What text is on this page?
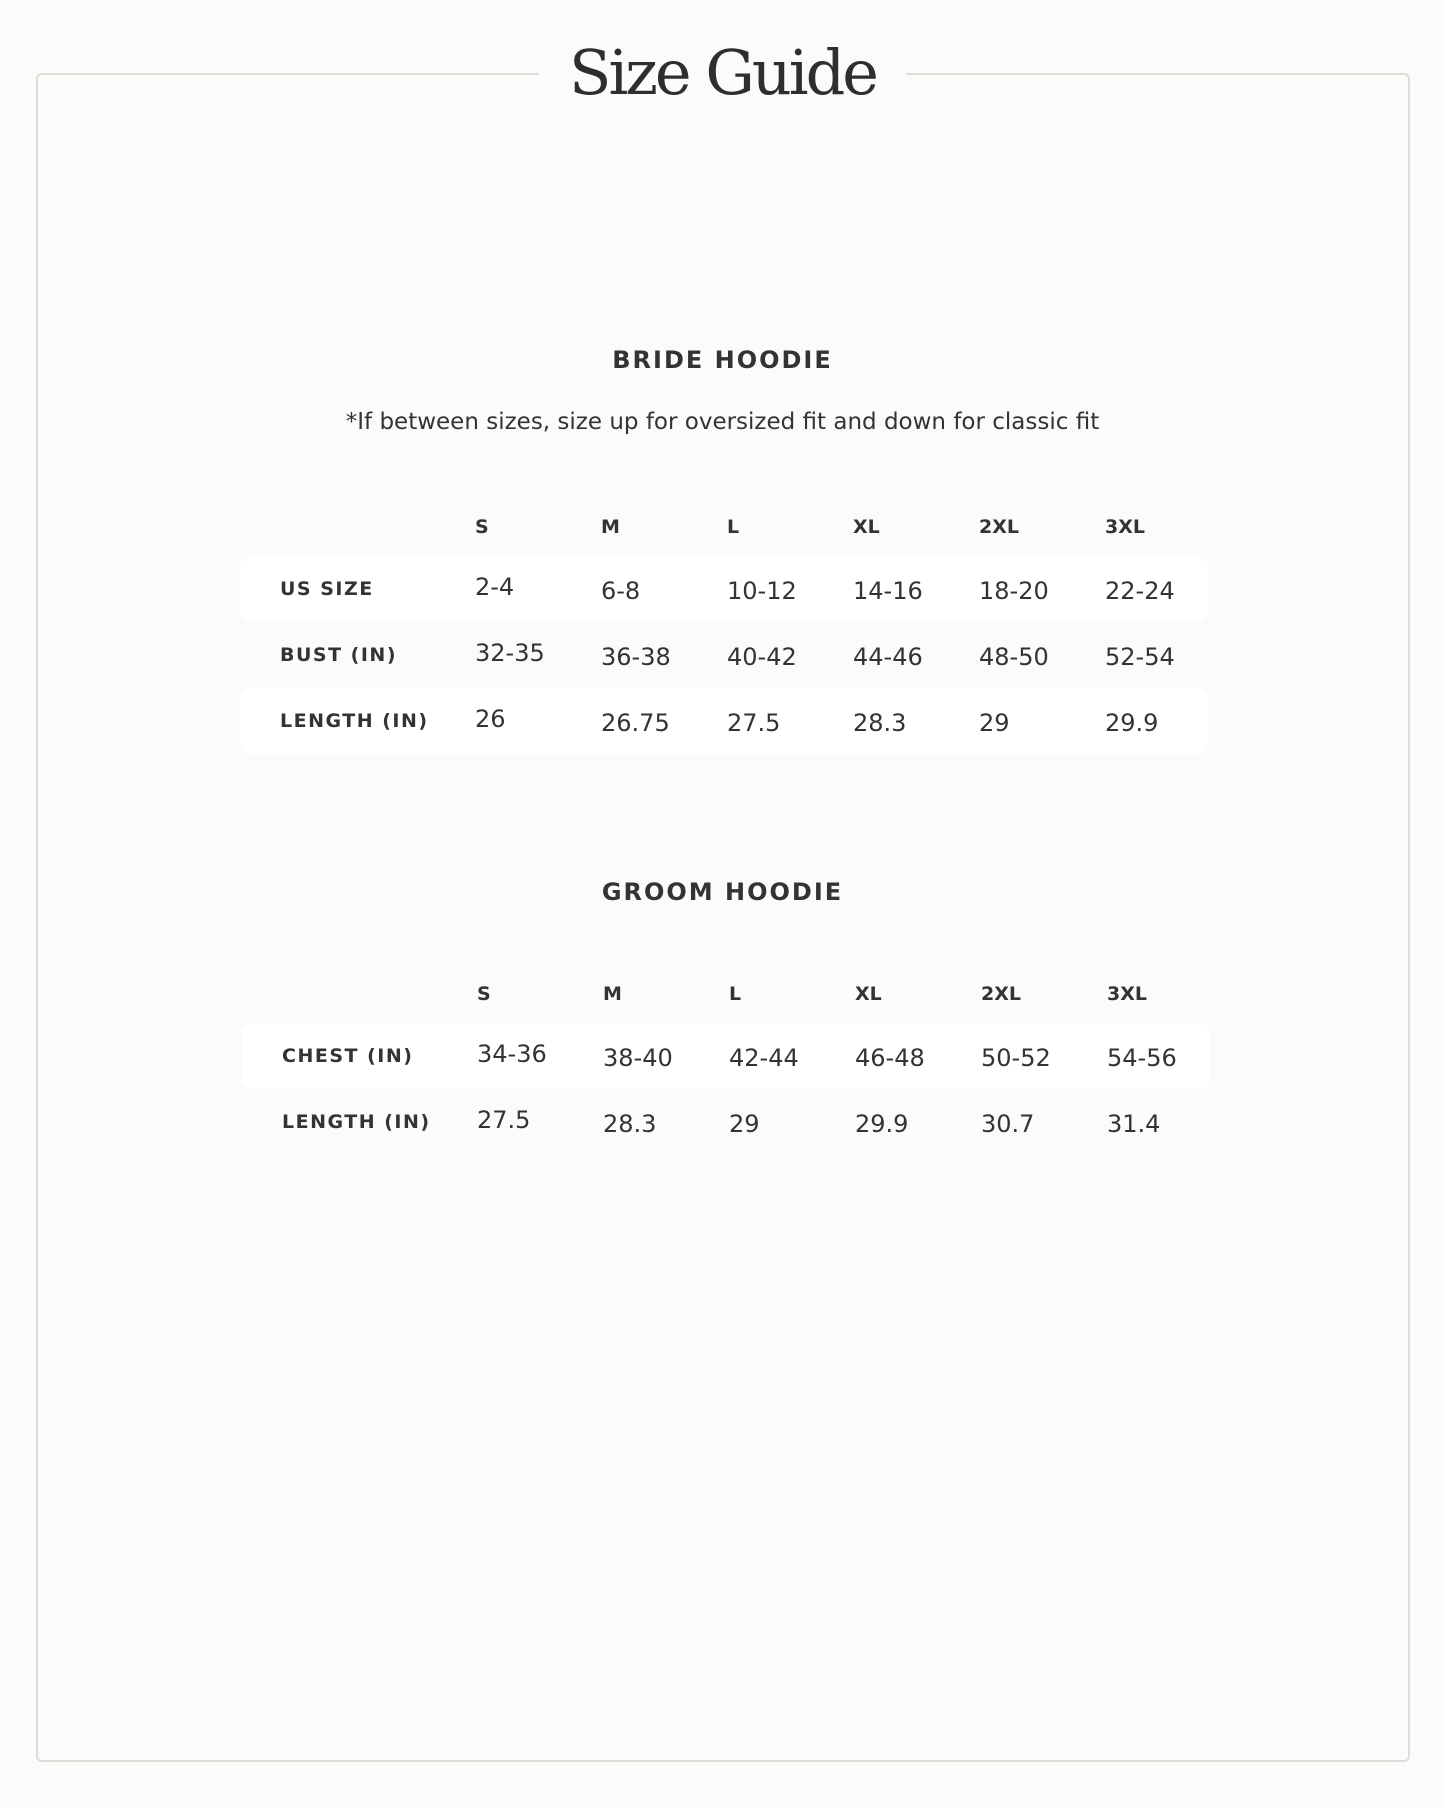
Size Guide
BRIDE HOODIE
*If between sizes, size up for oversized fit and down for classic fit
S	M	L	XL	2XL	3XL
US SIZE	2-4	6-8	10-12 14-16 18-20 22-24
BUST (IN)	32-35 36-38 40-42 44-46 48-50 52-54
LENGTH (IN) 26	26.75 27.5	28.3	29	29.9
GROOM HOODIE
S	M	L	XL	2XL	3XL
CHEST (IN)	34-36 38-40 42-44 46-48 50-52 54-56
LENGTH (IN) 27.5	28.3	29	29.9	30.7	31.4
